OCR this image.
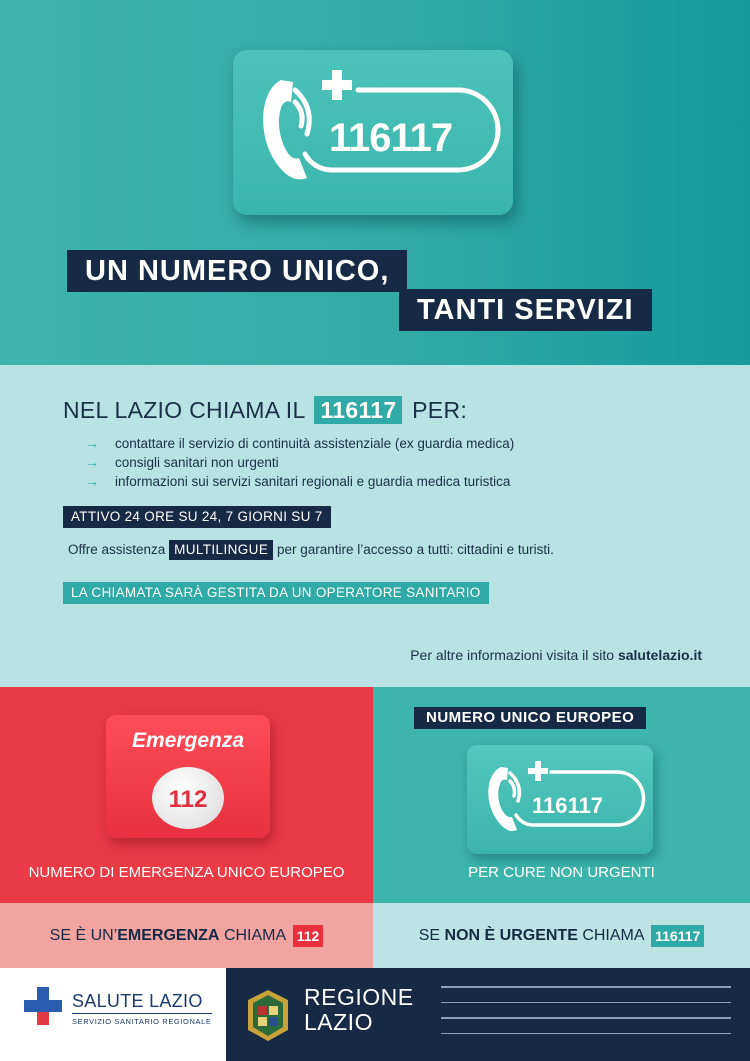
116117
UN NUMERO UNICO,
TANTI SERVIZI
NEL LAZIO CHIAMA IL 116117 PER:
→ contattare il servizio di continuità assistenziale (ex guardia medica)
→ consigli sanitari non urgenti
→ informazioni sui servizi sanitari regionali e guardia medica turistica
ATTIVO 24 ORE SU 24, 7 GIORNI SU 7
Offre assistenza MULTILINGUE per garantire l’accesso a tutti: cittadini e turisti.
LA CHIAMATA SARÀ GESTITA DA UN OPERATORE SANITARIO
Per altre informazioni visita il sito salutelazio.it
Emergenza
112
NUMERO DI EMERGENZA UNICO EUROPEO
NUMERO UNICO EUROPEO
116117
PER CURE NON URGENTI
SE È UN’EMERGENZA CHIAMA 112	SE NON È URGENTE CHIAMA 116117
SALUTE LAZIO
SERVIZIO SANITARIO REGIONALE
REGIONE
LAZIO
